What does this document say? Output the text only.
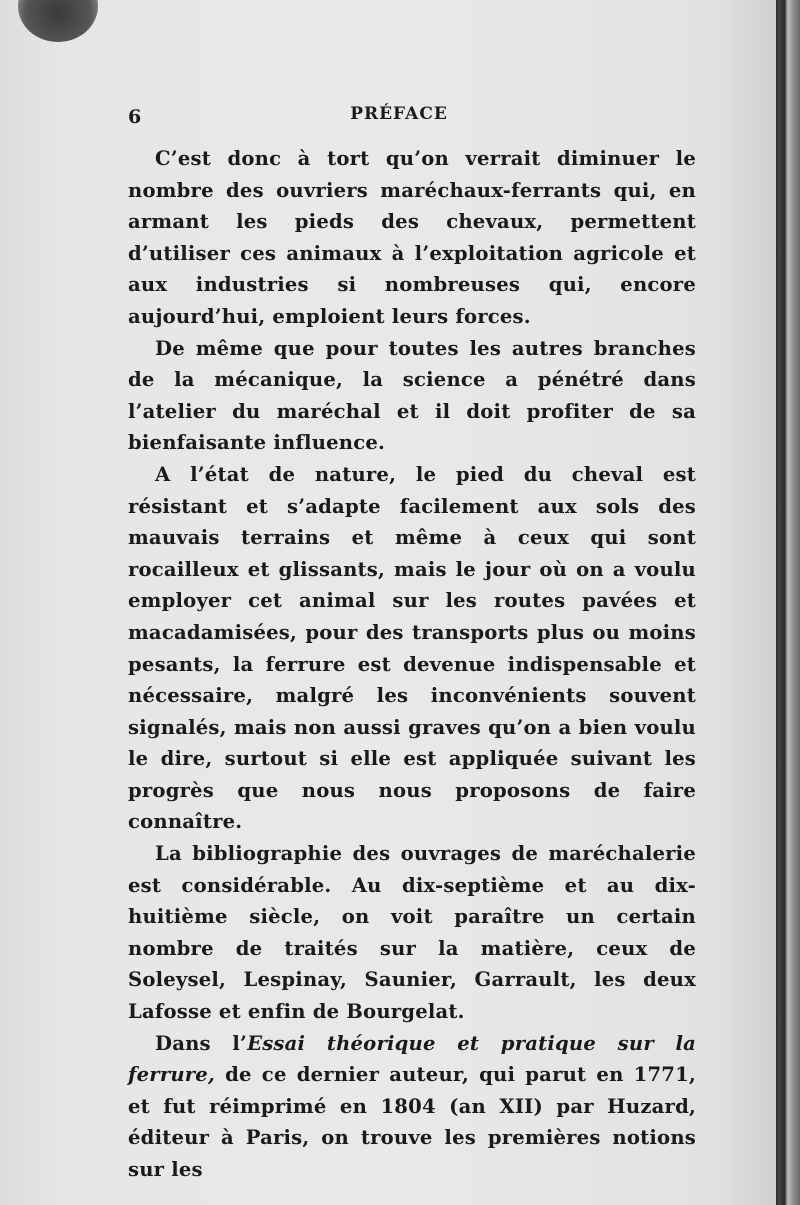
6	PRÉFACE

C’est donc à tort qu’on verrait diminuer le nombre des ouvriers maréchaux-ferrants qui, en armant les pieds des chevaux, permettent d’utiliser ces animaux à l’exploitation agricole et aux industries si nombreuses qui, encore aujourd’hui, emploient leurs forces.

De même que pour toutes les autres branches de la mécanique, la science a pénétré dans l’atelier du maréchal et il doit profiter de sa bienfaisante influence.

A l’état de nature, le pied du cheval est résistant et s’adapte facilement aux sols des mauvais terrains et même à ceux qui sont rocailleux et glissants, mais le jour où on a voulu employer cet animal sur les routes pavées et macadamisées, pour des transports plus ou moins pesants, la ferrure est devenue indispensable et nécessaire, malgré les inconvénients souvent signalés, mais non aussi graves qu’on a bien voulu le dire, surtout si elle est appliquée suivant les progrès que nous nous proposons de faire connaître.

La bibliographie des ouvrages de maréchalerie est considérable. Au dix-septième et au dix-huitième siècle, on voit paraître un certain nombre de traités sur la matière, ceux de Soleysel, Lespinay, Saunier, Garrault, les deux Lafosse et enfin de Bourgelat.

Dans l’Essai théorique et pratique sur la ferrure, de ce dernier auteur, qui parut en 1771, et fut réimprimé en 1804 (an XII) par Huzard, éditeur à Paris, on trouve les premières notions sur les
